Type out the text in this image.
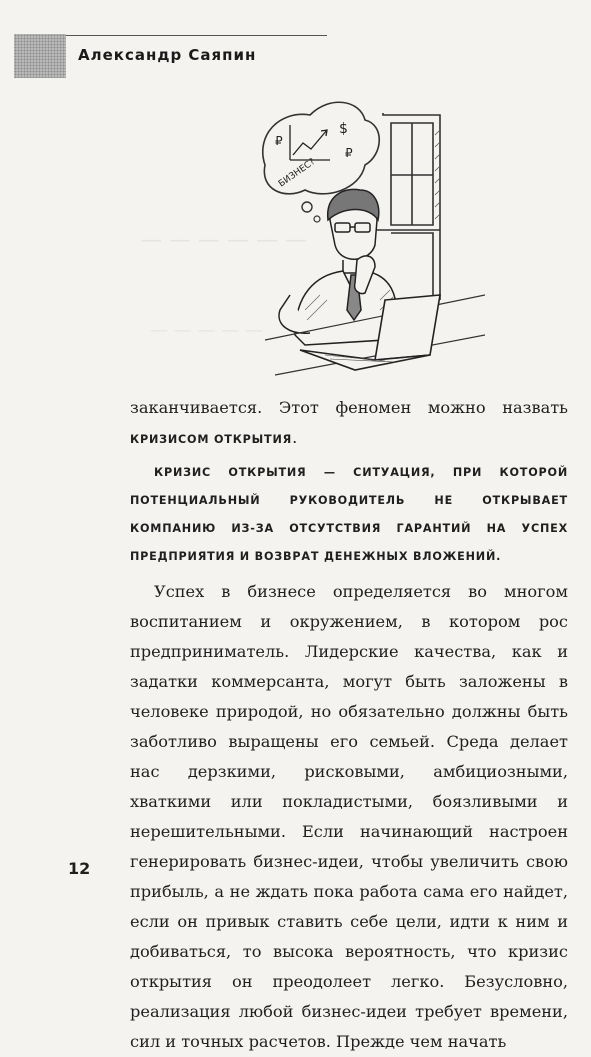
Александр Саяпин
— — — — — —
— — — — —
₽
$
₽
БИЗНЕС?

заканчивается. Этот феномен можно назвать КРИЗИСОМ ОТКРЫТИЯ.

КРИЗИС ОТКРЫТИЯ — СИТУАЦИЯ, ПРИ КОТОРОЙ ПОТЕНЦИАЛЬНЫЙ РУКОВОДИТЕЛЬ НЕ ОТКРЫВАЕТ КОМПАНИЮ ИЗ-ЗА ОТСУТСТВИЯ ГАРАНТИЙ НА УСПЕХ ПРЕДПРИЯТИЯ И ВОЗВРАТ ДЕНЕЖНЫХ ВЛОЖЕНИЙ.

Успех в бизнесе определяется во многом воспитанием и окружением, в котором рос предприниматель. Лидерские качества, как и задатки коммерсанта, могут быть заложены в человеке природой, но обязательно должны быть заботливо выращены его семьей. Среда делает нас дерзкими, рисковыми, амбициозными, хваткими или покладистыми, боязливыми и нерешительными. Если начинающий настроен генерировать бизнес-идеи, чтобы увеличить свою прибыль, а не ждать пока работа сама его найдет, если он привык ставить себе цели, идти к ним и добиваться, то высока вероятность, что кризис открытия он преодолеет легко. Безусловно, реализация любой бизнес-идеи требует времени, сил и точных расчетов. Прежде чем начать

12
